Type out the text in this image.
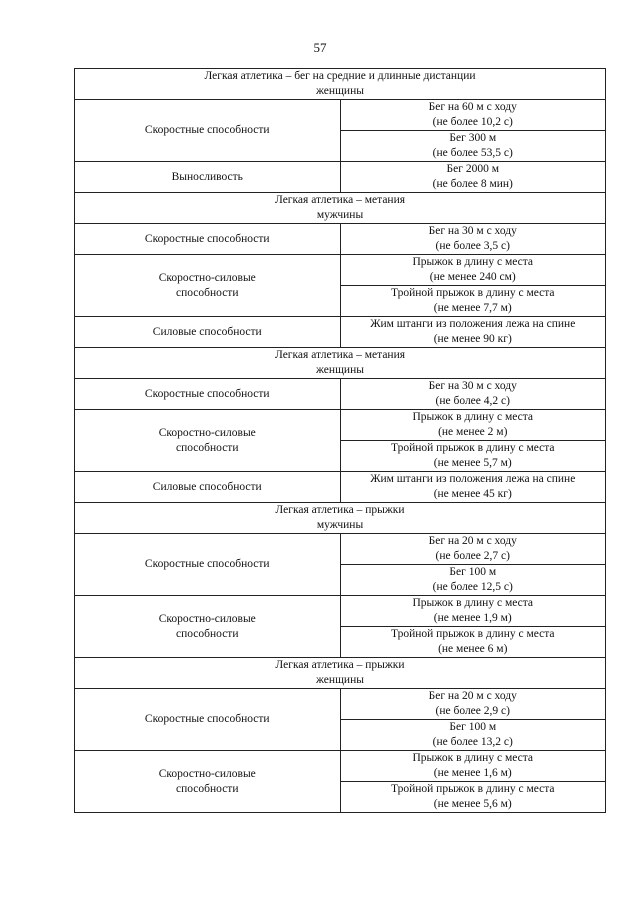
57
Легкая атлетика – бег на средние и длинные дистанции
женщины	

Скоростные способности	Бег на 60 м с ходу
(не более 10,2 с)

	Бег 300 м
(не более 53,5 с)

Выносливость	Бег 2000 м
(не более 8 мин)

Легкая атлетика – метания
мужчины	

Скоростные способности	Бег на 30 м с ходу
(не более 3,5 с)

Скоростно-силовые
способности	Прыжок в длину с места
(не менее 240 см)

	Тройной прыжок в длину с места
(не менее 7,7 м)

Силовые способности	Жим штанги из положения лежа на спине
(не менее 90 кг)

Легкая атлетика – метания
женщины	

Скоростные способности	Бег на 30 м с ходу
(не более 4,2 с)

Скоростно-силовые
способности	Прыжок в длину с места
(не менее 2 м)

	Тройной прыжок в длину с места
(не менее 5,7 м)

Силовые способности	Жим штанги из положения лежа на спине
(не менее 45 кг)

Легкая атлетика – прыжки
мужчины	

Скоростные способности	Бег на 20 м с ходу
(не более 2,7 с)

	Бег 100 м
(не более 12,5 с)

Скоростно-силовые
способности	Прыжок в длину с места
(не менее 1,9 м)

	Тройной прыжок в длину с места
(не менее 6 м)

Легкая атлетика – прыжки
женщины	

Скоростные способности	Бег на 20 м с ходу
(не более 2,9 с)

	Бег 100 м
(не более 13,2 с)

Скоростно-силовые
способности	Прыжок в длину с места
(не менее 1,6 м)

	Тройной прыжок в длину с места
(не менее 5,6 м)
